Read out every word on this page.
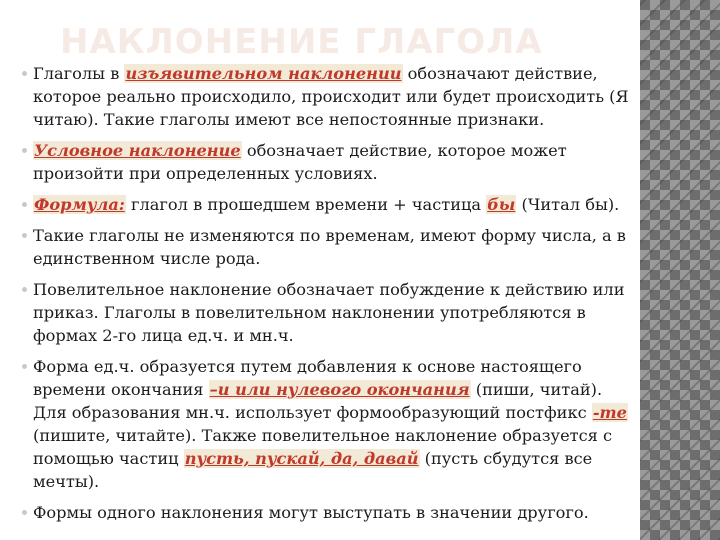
НАКЛОНЕНИЕ ГЛАГОЛА
Глаголы в изъявительном наклонении обозначают действие, которое реально происходило, происходит или будет происходить (Я читаю). Такие глаголы имеют все непостоянные признаки.
Условное наклонение обозначает действие, которое может произойти при определенных условиях.
Формула: глагол в прошедшем времени + частица бы (Читал бы).
Такие глаголы не изменяются по временам, имеют форму числа, а в единственном числе рода.
Повелительное наклонение обозначает побуждение к действию или приказ. Глаголы в повелительном наклонении употребляются в формах 2-го лица ед.ч. и мн.ч.
Форма ед.ч. образуется путем добавления к основе настоящего времени окончания –и или нулевого окончания (пиши, читай). Для образования мн.ч. использует формообразующий постфикс -те (пишите, читайте). Также повелительное наклонение образуется с помощью частиц пусть, пускай, да, давай (пусть сбудутся все мечты).
Формы одного наклонения могут выступать в значении другого.
